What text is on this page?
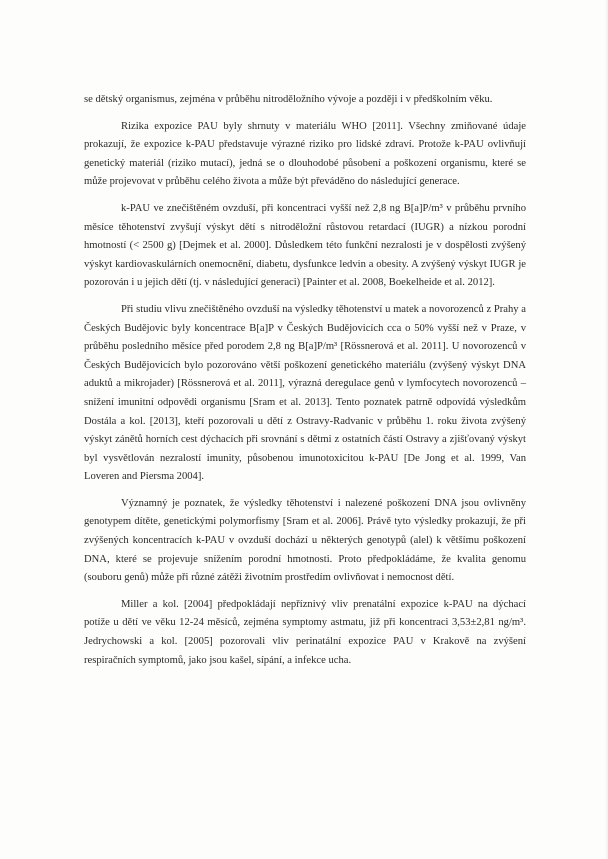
se dětský organismus, zejména v průběhu nitroděložního vývoje a později i v předškolním věku.

Rizika expozice PAU byly shrnuty v materiálu WHO [2011]. Všechny zmiňované údaje prokazují, že expozice k-PAU představuje výrazné riziko pro lidské zdraví. Protože k-PAU ovlivňují genetický materiál (riziko mutací), jedná se o dlouhodobé působení a poškození organismu, které se může projevovat v průběhu celého života a může být převáděno do následující generace.

k-PAU ve znečištěném ovzduší, při koncentraci vyšší než 2,8 ng B[a]P/m³ v průběhu prvního měsíce těhotenství zvyšují výskyt dětí s nitroděložní růstovou retardací (IUGR) a nízkou porodní hmotností (< 2500 g) [Dejmek et al. 2000]. Důsledkem této funkční nezralosti je v dospělosti zvýšený výskyt kardiovaskulárních onemocnění, diabetu, dysfunkce ledvin a obesity. A zvýšený výskyt IUGR je pozorován i u jejich dětí (tj. v následující generaci) [Painter et al. 2008, Boekelheide et al. 2012].

Při studiu vlivu znečištěného ovzduší na výsledky těhotenství u matek a novorozenců z Prahy a Českých Budějovic byly koncentrace B[a]P v Českých Budějovicích cca o 50% vyšší než v Praze, v průběhu posledního měsíce před porodem 2,8 ng B[a]P/m³ [Rössnerová et al. 2011]. U novorozenců v Českých Budějovicích bylo pozorováno větší poškození genetického materiálu (zvýšený výskyt DNA aduktů a mikrojader) [Rössnerová et al. 2011], výrazná deregulace genů v lymfocytech novorozenců – snížení imunitní odpovědi organismu [Sram et al. 2013]. Tento poznatek patrně odpovídá výsledkům Dostála a kol. [2013], kteří pozorovali u dětí z Ostravy-Radvanic v průběhu 1. roku života zvýšený výskyt zánětů horních cest dýchacích při srovnání s dětmi z ostatních částí Ostravy a zjišťovaný výskyt byl vysvětlován nezralostí imunity, působenou imunotoxicitou k-PAU [De Jong et al. 1999, Van Loveren and Piersma 2004].

Významný je poznatek, že výsledky těhotenství i nalezené poškození DNA jsou ovlivněny genotypem dítěte, genetickými polymorfismy [Sram et al. 2006]. Právě tyto výsledky prokazují, že při zvýšených koncentracích k-PAU v ovzduší dochází u některých genotypů (alel) k většímu poškození DNA, které se projevuje snížením porodní hmotnosti. Proto předpokládáme, že kvalita genomu (souboru genů) může při různé zátěži životním prostředím ovlivňovat i nemocnost dětí.

Miller a kol. [2004] předpokládají nepříznivý vliv prenatální expozice k-PAU na dýchací potíže u dětí ve věku 12-24 měsíců, zejména symptomy astmatu, již při koncentraci 3,53±2,81 ng/m³. Jedrychowski a kol. [2005] pozorovali vliv perinatální expozice PAU v Krakově na zvýšení respiračních symptomů, jako jsou kašel, sípání, a infekce ucha.
